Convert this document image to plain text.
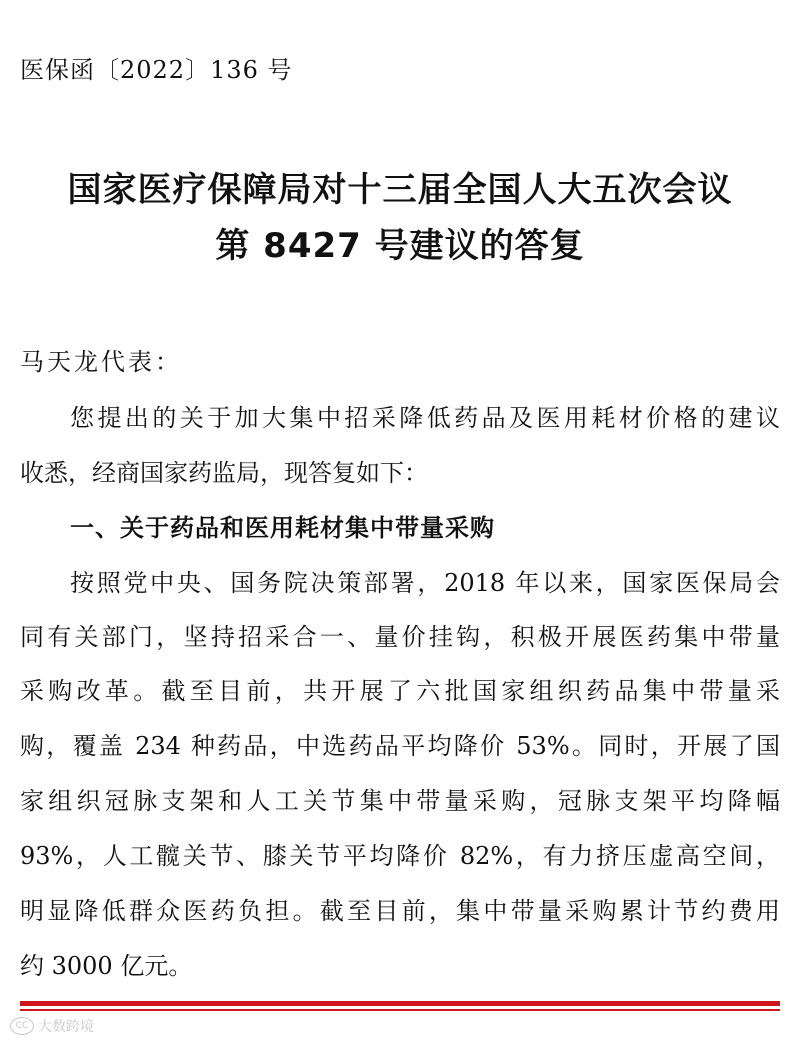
医保函〔2022〕136 号
国家医疗保障局对十三届全国人大五次会议
第 8427 号建议的答复
马天龙代表：
您提出的关于加大集中招采降低药品及医用耗材价格的建议
收悉，经商国家药监局，现答复如下：
一、关于药品和医用耗材集中带量采购
按照党中央、国务院决策部署，2018 年以来，国家医保局会
同有关部门，坚持招采合一、量价挂钩，积极开展医药集中带量
采购改革。截至目前，共开展了六批国家组织药品集中带量采
购，覆盖 234 种药品，中选药品平均降价 53%。同时，开展了国
家组织冠脉支架和人工关节集中带量采购，冠脉支架平均降幅
93%，人工髋关节、膝关节平均降价 82%，有力挤压虚高空间，
明显降低群众医药负担。截至目前，集中带量采购累计节约费用
约 3000 亿元。
CC 大数跨境
